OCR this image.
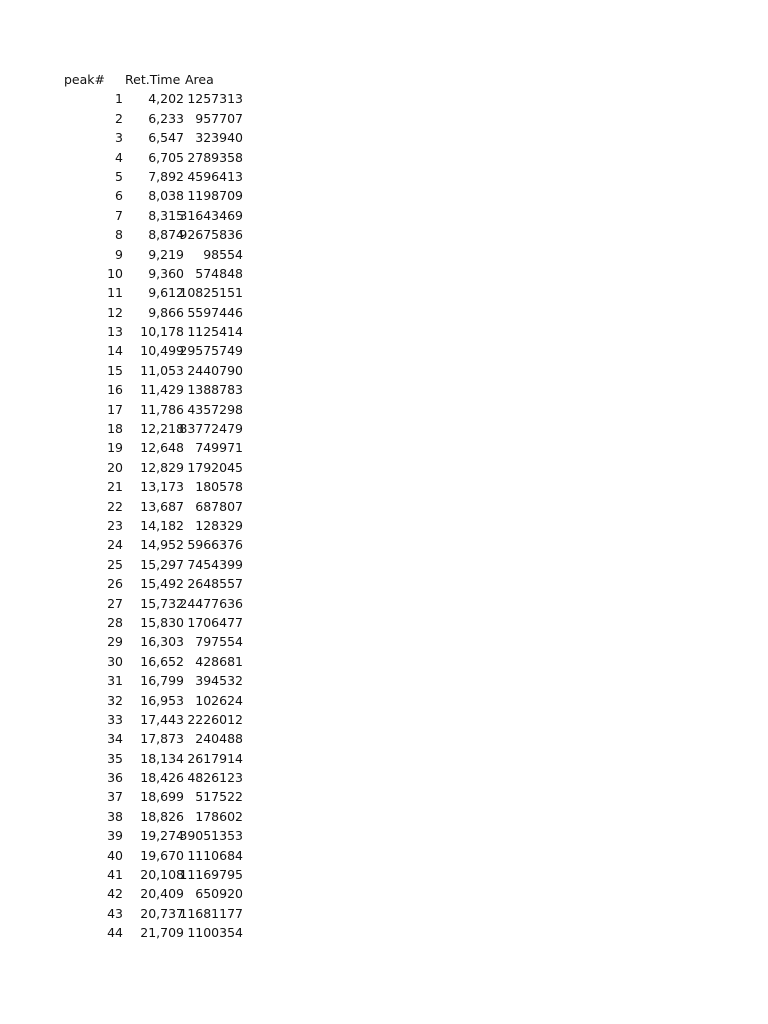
peak# Ret.Time Area
1 4,202 1257313
2 6,233 957707
3 6,547 323940
4 6,705 2789358
5 7,892 4596413
6 8,038 1198709
7 8,315
31643469
8 8,874
92675836
9 9,219 98554
10 9,360 574848
11 9,612
10825151
12 9,866 5597446
13 10,178 1125414
14 10,499
29575749
15 11,053 2440790
16 11,429 1388783
17 11,786 4357298
18 12,218
83772479
19 12,648 749971
20 12,829 1792045
21 13,173 180578
22 13,687 687807
23 14,182 128329
24 14,952 5966376
25 15,297 7454399
26 15,492 2648557
27 15,732
24477636
28 15,830 1706477
29 16,303 797554
30 16,652 428681
31 16,799 394532
32 16,953 102624
33 17,443 2226012
34 17,873 240488
35 18,134 2617914
36 18,426 4826123
37 18,699 517522
38 18,826 178602
39 19,274
39051353
40 19,670 1110684
41 20,108
11169795
42 20,409 650920
43 20,737
11681177
44 21,709 1100354
